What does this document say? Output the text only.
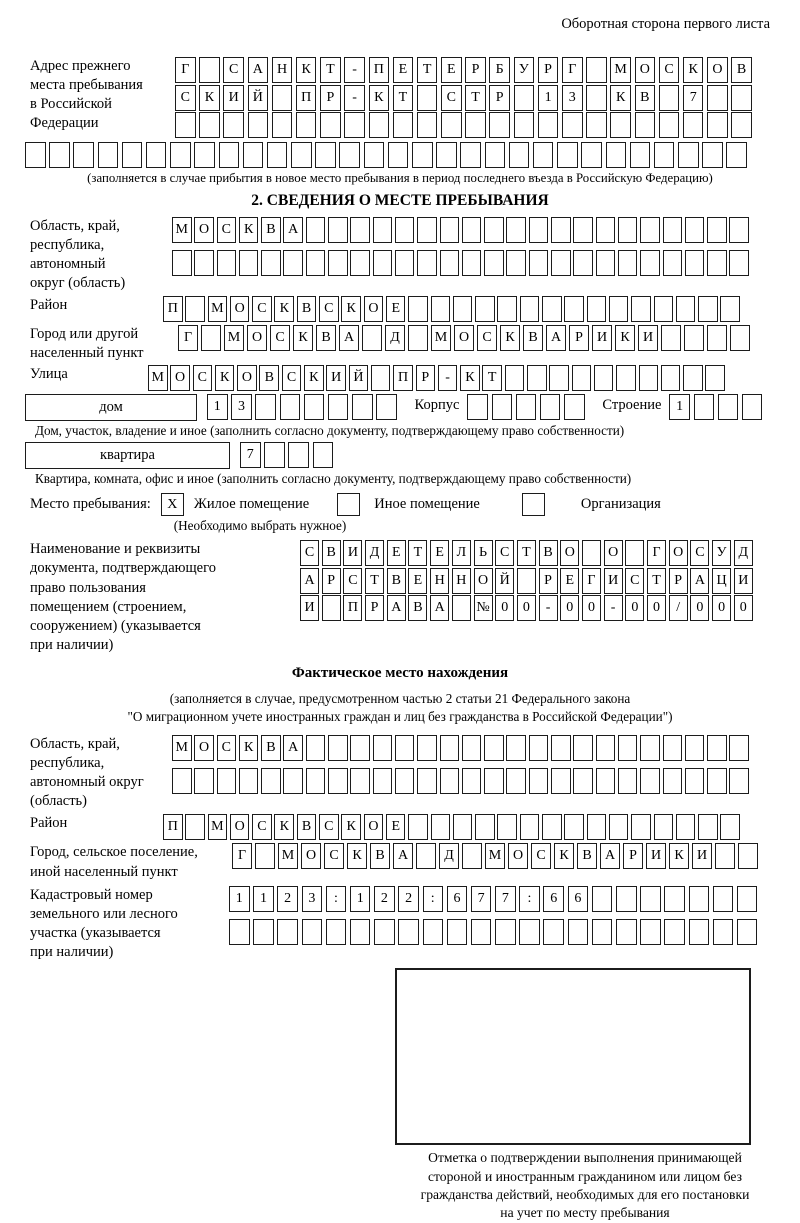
Оборотная сторона первого листа
Адрес прежнего
места пребывания
в Российской
Федерации
Г	С	А	Н	К	Т	-	П	Е	Т	Е	Р	Б	У	Р	Г	М О	С	К	О	В
С	К	И	Й	П	Р	-	К	Т	С	Т	Р	1	3	К	В	7
(заполняется в случае прибытия в новое место пребывания в период последнего въезда в Российскую Федерацию)
2. СВЕДЕНИЯ О МЕСТЕ ПРЕБЫВАНИЯ
Область, край,
республика,
автономный
округ (область)
М О С К В А
Район	П	М О С К В С К О Е
Город или другой
населенный пункт
Г	М О С К В А	Д	М О С К В А	Р	И К И
Улица	М О С К О В С К И Й	П Р	-	К Т
дом	1	3	Корпус	Строение	1
Дом, участок, владение и иное (заполнить согласно документу, подтверждающему право собственности)
квартира	7
Квартира, комната, офис и иное (заполнить согласно документу, подтверждающему право собственности)
Место пребывания:	X	Жилое помещение	Иное помещение	Организация
(Необходимо выбрать нужное)
Наименование и реквизиты
документа, подтверждающего
право пользования
помещением (строением,
сооружением) (указывается
при наличии)
С В И Д Е Т Е Л Ь С Т В О	О	Г О С У Д
А Р С Т В Е Н Н О Й	Р Е Г И С Т Р А Ц И
И	П Р А В А	№ 0	0	-	0	0	-	0	0	/	0	0	0
Фактическое место нахождения
(заполняется в случае, предусмотренном частью 2 статьи 21 Федерального закона
"О миграционном учете иностранных граждан и лиц без гражданства в Российской Федерации")
Область, край,
республика,
автономный округ
(область)
М О С К В А
Район	П	М О С К В С К О Е
Город, сельское поселение,
иной населенный пункт
Г	М О С К В А	Д	М О С К В А	Р	И К И
Кадастровый номер
земельного или лесного
участка (указывается
при наличии)
1	1	2	3	:	1	2	2	:	6	7	7	:	6	6
Отметка о подтверждении выполнения принимающей
стороной и иностранным гражданином или лицом без
гражданства действий, необходимых для его постановки
на учет по месту пребывания
